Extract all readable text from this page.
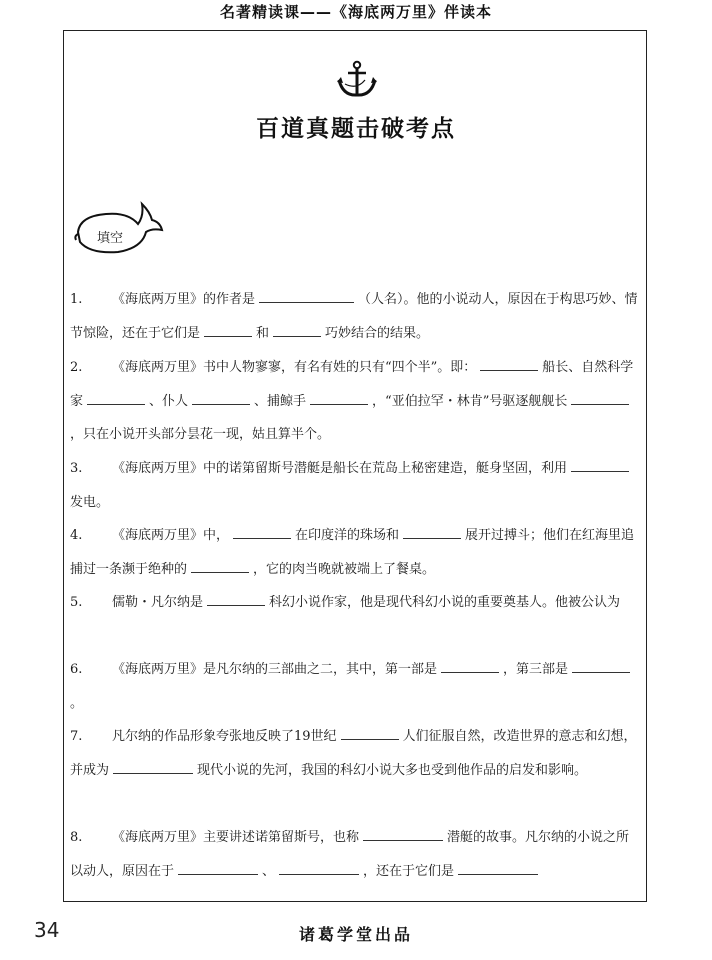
名著精读课——《海底两万里》伴读本
百道真题击破考点
填空
1. 《海底两万里》的作者是	（人名）。他的小说动人，原因在于构思巧妙、情节惊险，还在于它们是	和	巧妙结合的结果。
2. 《海底两万里》书中人物寥寥，有名有姓的只有“四个半”。即：	船长、自然科学家	、仆人	、捕鲸手	，“亚伯拉罕・林肯”号驱逐舰舰长，只在小说开头部分昙花一现，姑且算半个。
3. 《海底两万里》中的诺第留斯号潜艇是船长在荒岛上秘密建造，艇身坚固，利用发电。
4. 《海底两万里》中，	在印度洋的珠场和	展开过搏斗；他们在红海里追捕过一条濒于绝种的	，它的肉当晚就被端上了餐桌。
5. 儒勒・凡尔纳是	科幻小说作家，他是现代科幻小说的重要奠基人。他被公认为
6. 《海底两万里》是凡尔纳的三部曲之二，其中，第一部是	，第三部是。
7. 凡尔纳的作品形象夸张地反映了19世纪	人们征服自然，改造世界的意志和幻想，并成为	现代小说的先河，我国的科幻小说大多也受到他作品的启发和影响。
8. 《海底两万里》主要讲述诺第留斯号，也称	潜艇的故事。凡尔纳的小说之所以动人，原因在于	、	，还在于它们是
34	诸葛学堂出品
